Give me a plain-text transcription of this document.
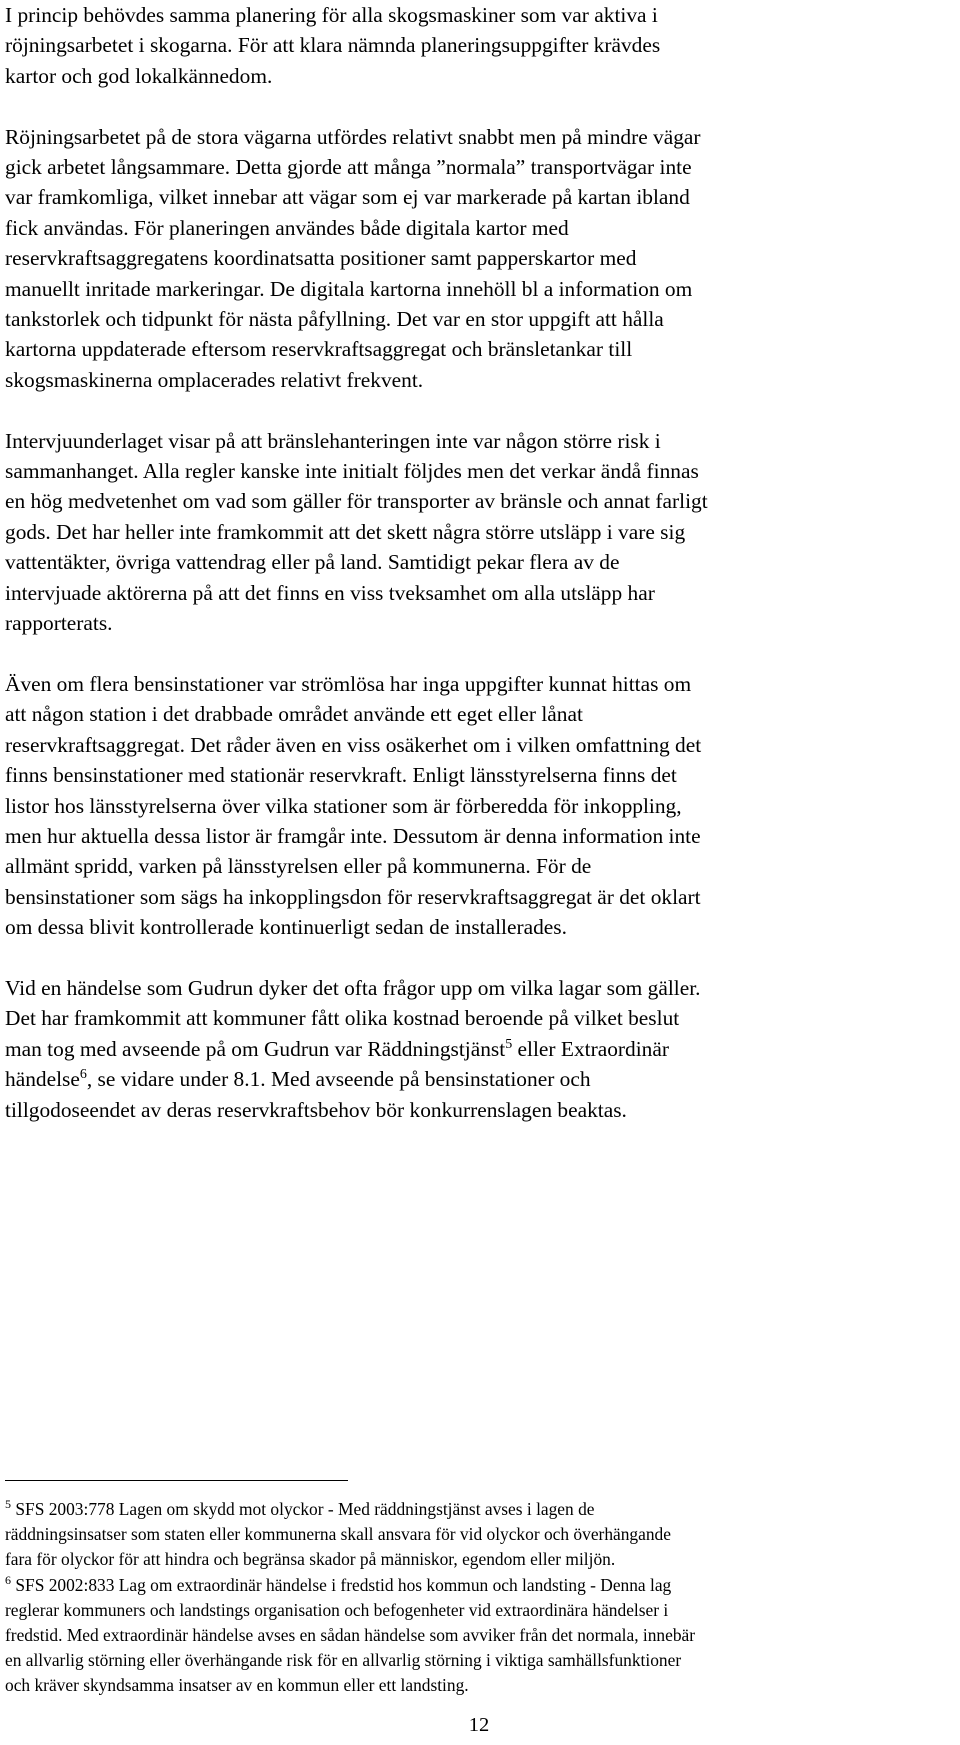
I princip behövdes samma planering för alla skogsmaskiner som var aktiva i
röjningsarbetet i skogarna. För att klara nämnda planeringsuppgifter krävdes
kartor och god lokalkännedom.

Röjningsarbetet på de stora vägarna utfördes relativt snabbt men på mindre vägar
gick arbetet långsammare. Detta gjorde att många ”normala” transportvägar inte
var framkomliga, vilket innebar att vägar som ej var markerade på kartan ibland
fick användas. För planeringen användes både digitala kartor med
reservkraftsaggregatens koordinatsatta positioner samt papperskartor med
manuellt inritade markeringar. De digitala kartorna innehöll bl a information om
tankstorlek och tidpunkt för nästa påfyllning. Det var en stor uppgift att hålla
kartorna uppdaterade eftersom reservkraftsaggregat och bränsletankar till
skogsmaskinerna omplacerades relativt frekvent.

Intervjuunderlaget visar på att bränslehanteringen inte var någon större risk i
sammanhanget. Alla regler kanske inte initialt följdes men det verkar ändå finnas
en hög medvetenhet om vad som gäller för transporter av bränsle och annat farligt
gods. Det har heller inte framkommit att det skett några större utsläpp i vare sig
vattentäkter, övriga vattendrag eller på land. Samtidigt pekar flera av de
intervjuade aktörerna på att det finns en viss tveksamhet om alla utsläpp har
rapporterats.

Även om flera bensinstationer var strömlösa har inga uppgifter kunnat hittas om
att någon station i det drabbade området använde ett eget eller lånat
reservkraftsaggregat. Det råder även en viss osäkerhet om i vilken omfattning det
finns bensinstationer med stationär reservkraft. Enligt länsstyrelserna finns det
listor hos länsstyrelserna över vilka stationer som är förberedda för inkoppling,
men hur aktuella dessa listor är framgår inte. Dessutom är denna information inte
allmänt spridd, varken på länsstyrelsen eller på kommunerna. För de
bensinstationer som sägs ha inkopplingsdon för reservkraftsaggregat är det oklart
om dessa blivit kontrollerade kontinuerligt sedan de installerades.

Vid en händelse som Gudrun dyker det ofta frågor upp om vilka lagar som gäller.
Det har framkommit att kommuner fått olika kostnad beroende på vilket beslut
man tog med avseende på om Gudrun var Räddningstjänst$^5$ eller Extraordinär
händelse$^6$, se vidare under 8.1. Med avseende på bensinstationer och
tillgodoseendet av deras reservkraftsbehov bör konkurrenslagen beaktas.

$^5$ SFS 2003:778 Lagen om skydd mot olyckor - Med räddningstjänst avses i lagen de
räddningsinsatser som staten eller kommunerna skall ansvara för vid olyckor och överhängande
fara för olyckor för att hindra och begränsa skador på människor, egendom eller miljön.

$^6$ SFS 2002:833 Lag om extraordinär händelse i fredstid hos kommun och landsting - Denna lag
reglerar kommuners och landstings organisation och befogenheter vid extraordinära händelser i
fredstid. Med extraordinär händelse avses en sådan händelse som avviker från det normala, innebär
en allvarlig störning eller överhängande risk för en allvarlig störning i viktiga samhällsfunktioner
och kräver skyndsamma insatser av en kommun eller ett landsting.

12
